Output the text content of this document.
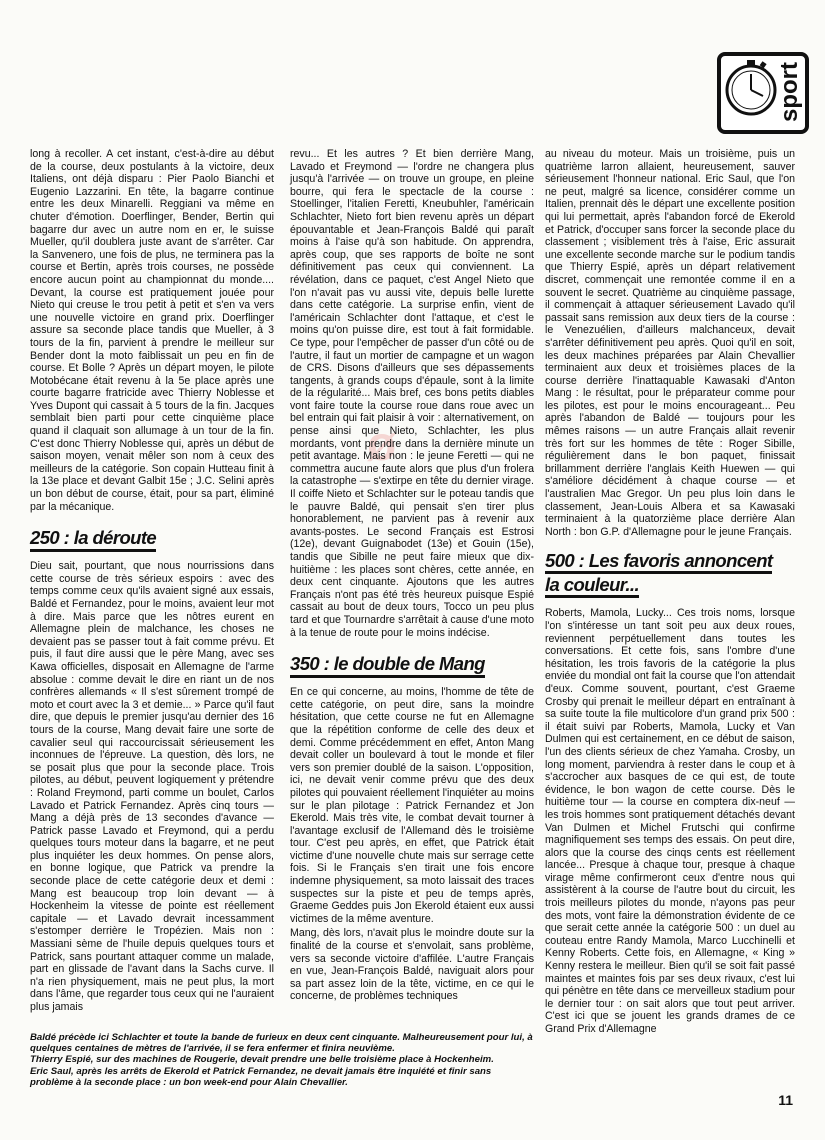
sport
ø

long à recoller. A cet instant, c'est-à-dire au début de la course, deux postulants à la victoire, deux Italiens, ont déjà disparu : Pier Paolo Bianchi et Eugenio Lazzarini. En tête, la bagarre continue entre les deux Minarelli. Reggiani va même en chuter d'émotion. Doerflinger, Bender, Bertin qui bagarre dur avec un autre nom en er, le suisse Mueller, qu'il doublera juste avant de s'arrêter. Car la Sanvenero, une fois de plus, ne terminera pas la course et Bertin, après trois courses, ne possède encore aucun point au championnat du monde.... Devant, la course est pratiquement jouée pour Nieto qui creuse le trou petit à petit et s'en va vers une nouvelle victoire en grand prix. Doerflinger assure sa seconde place tandis que Mueller, à 3 tours de la fin, parvient à prendre le meilleur sur Bender dont la moto faiblissait un peu en fin de course. Et Bolle ? Après un départ moyen, le pilote Motobécane était revenu à la 5e place après une courte bagarre fratricide avec Thierry Noblesse et Yves Dupont qui cassait à 5 tours de la fin. Jacques semblait bien parti pour cette cinquième place quand il claquait son allumage à un tour de la fin. C'est donc Thierry Noblesse qui, après un début de saison moyen, venait mêler son nom à ceux des meilleurs de la catégorie. Son copain Hutteau finit à la 13e place et devant Galbit 15e ; J.C. Selini après un bon début de course, était, pour sa part, éliminé par la mécanique.

250 : la déroute

Dieu sait, pourtant, que nous nourrissions dans cette course de très sérieux espoirs : avec des temps comme ceux qu'ils avaient signé aux essais, Baldé et Fernandez, pour le moins, avaient leur mot à dire. Mais parce que les nôtres eurent en Allemagne plein de malchance, les choses ne devaient pas se passer tout à fait comme prévu. Et puis, il faut dire aussi que le père Mang, avec ses Kawa officielles, disposait en Allemagne de l'arme absolue : comme devait le dire en riant un de nos confrères allemands « Il s'est sûrement trompé de moto et court avec la 3 et demie... » Parce qu'il faut dire, que depuis le premier jusqu'au dernier des 16 tours de la course, Mang devait faire une sorte de cavalier seul qui raccourcissait sérieusement les inconnues de l'épreuve. La question, dès lors, ne se posait plus que pour la seconde place. Trois pilotes, au début, peuvent logiquement y prétendre : Roland Freymond, parti comme un boulet, Carlos Lavado et Patrick Fernandez. Après cinq tours — Mang a déjà près de 13 secondes d'avance — Patrick passe Lavado et Freymond, qui a perdu quelques tours moteur dans la bagarre, et ne peut plus inquiéter les deux hommes. On pense alors, en bonne logique, que Patrick va prendre la seconde place de cette catégorie deux et demi : Mang est beaucoup trop loin devant — à Hockenheim la vitesse de pointe est réellement capitale — et Lavado devrait incessamment s'estomper derrière le Tropézien. Mais non : Massiani sème de l'huile depuis quelques tours et Patrick, sans pourtant attaquer comme un malade, part en glissade de l'avant dans la Sachs curve. Il n'a rien physiquement, mais ne peut plus, la mort dans l'âme, que regarder tous ceux qui ne l'auraient plus jamais

revu... Et les autres ? Et bien derrière Mang, Lavado et Freymond — l'ordre ne changera plus jusqu'à l'arrivée — on trouve un groupe, en pleine bourre, qui fera le spectacle de la course : Stoellinger, l'italien Feretti, Kneubuhler, l'américain Schlachter, Nieto fort bien revenu après un départ épouvantable et Jean-François Baldé qui paraît moins à l'aise qu'à son habitude. On apprendra, après coup, que ses rapports de boîte ne sont définitivement pas ceux qui conviennent. La révélation, dans ce paquet, c'est Angel Nieto que l'on n'avait pas vu aussi vite, depuis belle lurette dans cette catégorie. La surprise enfin, vient de l'américain Schlachter dont l'attaque, et c'est le moins qu'on puisse dire, est tout à fait formidable. Ce type, pour l'empêcher de passer d'un côté ou de l'autre, il faut un mortier de campagne et un wagon de CRS. Disons d'ailleurs que ses dépassements tangents, à grands coups d'épaule, sont à la limite de la régularité... Mais bref, ces bons petits diables vont faire toute la course roue dans roue avec un bel entrain qui fait plaisir à voir : alternativement, on pense ainsi que Nieto, Schlachter, les plus mordants, vont prendre dans la dernière minute un petit avantage. Mais non : le jeune Feretti — qui ne commettra aucune faute alors que plus d'un frolera la catastrophe — s'extirpe en tête du dernier virage. Il coiffe Nieto et Schlachter sur le poteau tandis que le pauvre Baldé, qui pensait s'en tirer plus honorablement, ne parvient pas à revenir aux avants-postes. Le second Français est Estrosi (12e), devant Guignabodet (13e) et Gouin (15e), tandis que Sibille ne peut faire mieux que dix-huitième : les places sont chères, cette année, en deux cent cinquante. Ajoutons que les autres Français n'ont pas été très heureux puisque Espié cassait au bout de deux tours, Tocco un peu plus tard et que Tournardre s'arrêtait à cause d'une moto à la tenue de route pour le moins indécise.

350 : le double de Mang

En ce qui concerne, au moins, l'homme de tête de cette catégorie, on peut dire, sans la moindre hésitation, que cette course ne fut en Allemagne que la répétition conforme de celle des deux et demi. Comme précédemment en effet, Anton Mang devait coller un boulevard à tout le monde et filer vers son premier doublé de la saison. L'opposition, ici, ne devait venir comme prévu que des deux pilotes qui pouvaient réellement l'inquiéter au moins sur le plan pilotage : Patrick Fernandez et Jon Ekerold. Mais très vite, le combat devait tourner à l'avantage exclusif de l'Allemand dès le troisième tour. C'est peu après, en effet, que Patrick était victime d'une nouvelle chute mais sur serrage cette fois. Si le Français s'en tirait une fois encore indemne physiquement, sa moto laissait des traces suspectes sur la piste et peu de temps après, Graeme Geddes puis Jon Ekerold étaient eux aussi victimes de la même aventure.

Mang, dès lors, n'avait plus le moindre doute sur la finalité de la course et s'envolait, sans problème, vers sa seconde victoire d'affilée. L'autre Français en vue, Jean-François Baldé, naviguait alors pour sa part assez loin de la tête, victime, en ce qui le concerne, de problèmes techniques

au niveau du moteur. Mais un troisième, puis un quatrième larron allaient, heureusement, sauver sérieusement l'honneur national. Eric Saul, que l'on ne peut, malgré sa licence, considérer comme un Italien, prennait dès le départ une excellente position qui lui permettait, après l'abandon forcé de Ekerold et Patrick, d'occuper sans forcer la seconde place du classement ; visiblement très à l'aise, Eric assurait une excellente seconde marche sur le podium tandis que Thierry Espié, après un départ relativement discret, commençait une remontée comme il en a souvent le secret. Quatrième au cinquième passage, il commençait à attaquer sérieusement Lavado qu'il passait sans remission aux deux tiers de la course : le Venezuélien, d'ailleurs malchanceux, devait s'arrêter définitivement peu après. Quoi qu'il en soit, les deux machines préparées par Alain Chevallier terminaient aux deux et troisièmes places de la course derrière l'inattaquable Kawasaki d'Anton Mang : le résultat, pour le préparateur comme pour les pilotes, est pour le moins encourageant... Peu après l'abandon de Baldé — toujours pour les mêmes raisons — un autre Français allait revenir très fort sur les hommes de tête : Roger Sibille, régulièrement dans le bon paquet, finissait brillamment derrière l'anglais Keith Huewen — qui s'améliore décidément à chaque course — et l'australien Mac Gregor. Un peu plus loin dans le classement, Jean-Louis Albera et sa Kawasaki terminaient à la quatorzième place derrière Alan North : bon G.P. d'Allemagne pour le jeune Français.

500 : Les favoris annoncent
la couleur...

Roberts, Mamola, Lucky... Ces trois noms, lorsque l'on s'intéresse un tant soit peu aux deux roues, reviennent perpétuellement dans toutes les conversations. Et cette fois, sans l'ombre d'une hésitation, les trois favoris de la catégorie la plus enviée du mondial ont fait la course que l'on attendait d'eux. Comme souvent, pourtant, c'est Graeme Crosby qui prenait le meilleur départ en entraînant à sa suite toute la file multicolore d'un grand prix 500 : il était suivi par Roberts, Mamola, Lucky et Van Dulmen qui est certainement, en ce début de saison, l'un des clients sérieux de chez Yamaha. Crosby, un long moment, parviendra à rester dans le coup et à s'accrocher aux basques de ce qui est, de toute évidence, le bon wagon de cette course. Dès le huitième tour — la course en comptera dix-neuf — les trois hommes sont pratiquement détachés devant Van Dulmen et Michel Frutschi qui confirme magnifiquement ses temps des essais. On peut dire, alors que la course des cinqs cents est réellement lancée... Presque à chaque tour, presque à chaque virage même confirmeront ceux d'entre nous qui assistèrent à la course de l'autre bout du circuit, les trois meilleurs pilotes du monde, n'ayons pas peur des mots, vont faire la démonstration évidente de ce que serait cette année la catégorie 500 : un duel au couteau entre Randy Mamola, Marco Lucchinelli et Kenny Roberts. Cette fois, en Allemagne, « King » Kenny restera le meilleur. Bien qu'il se soit fait passé maintes et maintes fois par ses deux rivaux, c'est lui qui pénètre en tête dans ce merveilleux stadium pour le dernier tour : on sait alors que tout peut arriver. C'est ici que se jouent les grands drames de ce Grand Prix d'Allemagne

Baldé précède ici Schlachter et toute la bande de furieux en deux cent cinquante. Malheureusement pour lui, à quelques centaines de mètres de l'arrivée, il se fera enfermer et finira neuvième.

Thierry Espié, sur des machines de Rougerie, devait prendre une belle troisième place à Hockenheim.

Eric Saul, après les arrêts de Ekerold et Patrick Fernandez, ne devait jamais être inquiété et finir sans problème à la seconde place : un bon week-end pour Alain Chevallier.

11
